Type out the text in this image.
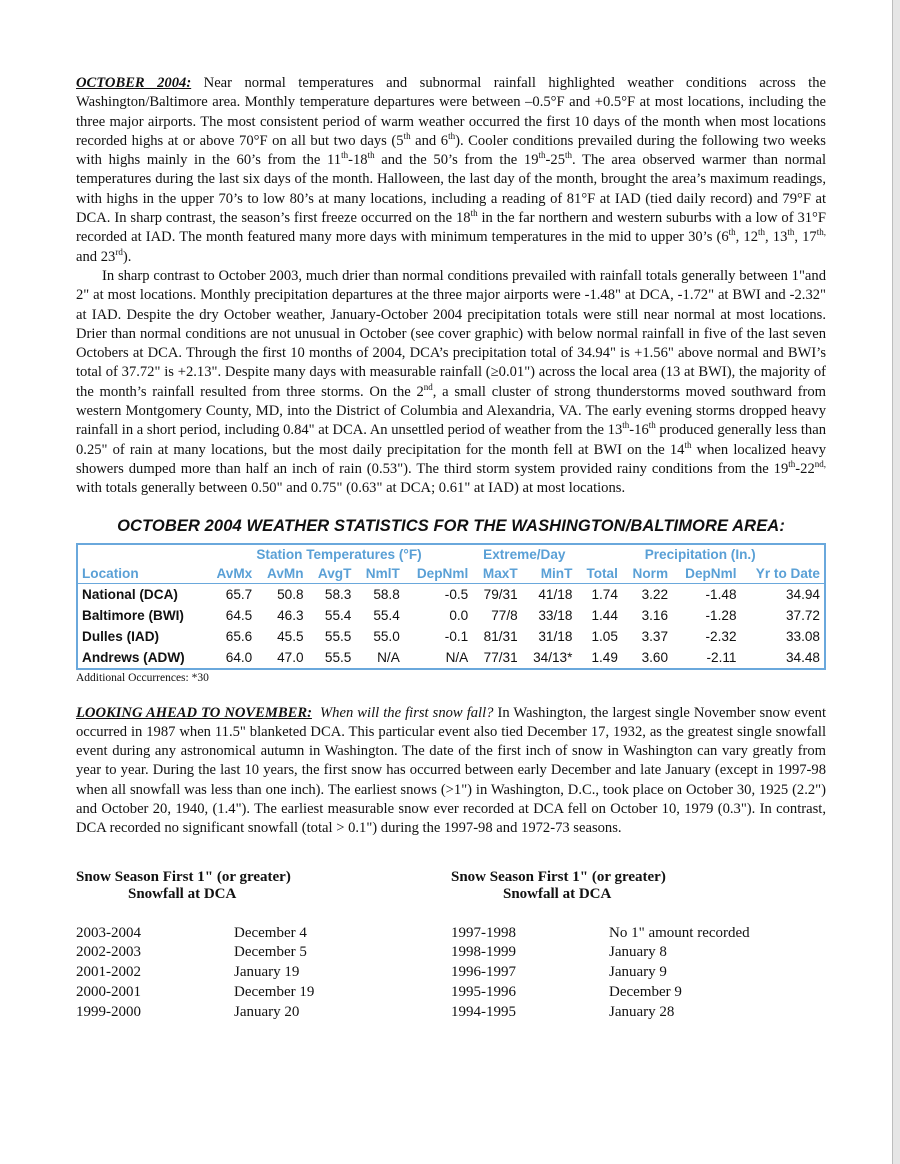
OCTOBER 2004: Near normal temperatures and subnormal rainfall highlighted weather conditions across the Washington/Baltimore area. Monthly temperature departures were between –0.5°F and +0.5°F at most locations, including the three major airports. The most consistent period of warm weather occurred the first 10 days of the month when most locations recorded highs at or above 70°F on all but two days (5th and 6th). Cooler conditions prevailed during the following two weeks with highs mainly in the 60’s from the 11th-18th and the 50’s from the 19th-25th. The area observed warmer than normal temperatures during the last six days of the month. Halloween, the last day of the month, brought the area’s maximum readings, with highs in the upper 70’s to low 80’s at many locations, including a reading of 81°F at IAD (tied daily record) and 79°F at DCA. In sharp contrast, the season’s first freeze occurred on the 18th in the far northern and western suburbs with a low of 31°F recorded at IAD. The month featured many more days with minimum temperatures in the mid to upper 30’s (6th, 12th, 13th, $17^{th,}$ and 23rd).

In sharp contrast to October 2003, much drier than normal conditions prevailed with rainfall totals generally between 1"and 2" at most locations. Monthly precipitation departures at the three major airports were -1.48" at DCA, -1.72" at BWI and -2.32" at IAD. Despite the dry October weather, January-October 2004 precipitation totals were still near normal at most locations. Drier than normal conditions are not unusual in October (see cover graphic) with below normal rainfall in five of the last seven Octobers at DCA. Through the first 10 months of 2004, DCA’s precipitation total of 34.94" is +1.56" above normal and BWI’s total of 37.72" is +2.13". Despite many days with measurable rainfall (≥0.01") across the local area (13 at BWI), the majority of the month’s rainfall resulted from three storms. On the 2nd, a small cluster of strong thunderstorms moved southward from western Montgomery County, MD, into the District of Columbia and Alexandria, VA. The early evening storms dropped heavy rainfall in a short period, including 0.84" at DCA. An unsettled period of weather from the 13th-16th produced generally less than 0.25" of rain at many locations, but the most daily precipitation for the month fell at BWI on the 14th when localized heavy showers dumped more than half an inch of rain (0.53"). The third storm system provided rainy conditions from the $19th-22^{nd,}$ with totals generally between 0.50" and 0.75" (0.63" at DCA; 0.61" at IAD) at most locations.

OCTOBER 2004 WEATHER STATISTICS FOR THE WASHINGTON/BALTIMORE AREA:
	Station Temperatures (°F)					Extreme/Day		Precipitation (In.)			
Location	AvMx	AvMn	AvgT	NmlT	DepNml	MaxT	MinT	Total	Norm	DepNml	Yr to Date
National (DCA)	65.7	50.8	58.3	58.8	-0.5	79/31	41/18	1.74	3.22	-1.48	34.94
Baltimore (BWI)	64.5	46.3	55.4	55.4	0.0	77/8	33/18	1.44	3.16	-1.28	37.72
Dulles (IAD)	65.6	45.5	55.5	55.0	-0.1	81/31	31/18	1.05	3.37	-2.32	33.08
Andrews (ADW)	64.0	47.0	55.5	N/A	N/A	77/31	34/13*	1.49	3.60	-2.11	34.48
Additional Occurrences: *30

LOOKING AHEAD TO NOVEMBER: When will the first snow fall? In Washington, the largest single November snow event occurred in 1987 when 11.5" blanketed DCA. This particular event also tied December 17, 1932, as the greatest single snowfall event during any astronomical autumn in Washington. The date of the first inch of snow in Washington can vary greatly from year to year. During the last 10 years, the first snow has occurred between early December and late January (except in 1997-98 when all snowfall was less than one inch). The earliest snows (>1") in Washington, D.C., took place on October 30, 1925 (2.2") and October 20, 1940, (1.4"). The earliest measurable snow ever recorded at DCA fell on October 10, 1979 (0.3"). In contrast, DCA recorded no significant snowfall (total > 0.1") during the 1997-98 and 1972-73 seasons.

Snow Season First 1" (or greater)
Snowfall at DCA
2003-2004	December 4
2002-2003	December 5
2001-2002	January 19
2000-2001	December 19
1999-2000	January 20
Snow Season First 1" (or greater)
Snowfall at DCA
1997-1998	No 1" amount recorded
1998-1999	January 8
1996-1997	January 9
1995-1996	December 9
1994-1995	January 28
